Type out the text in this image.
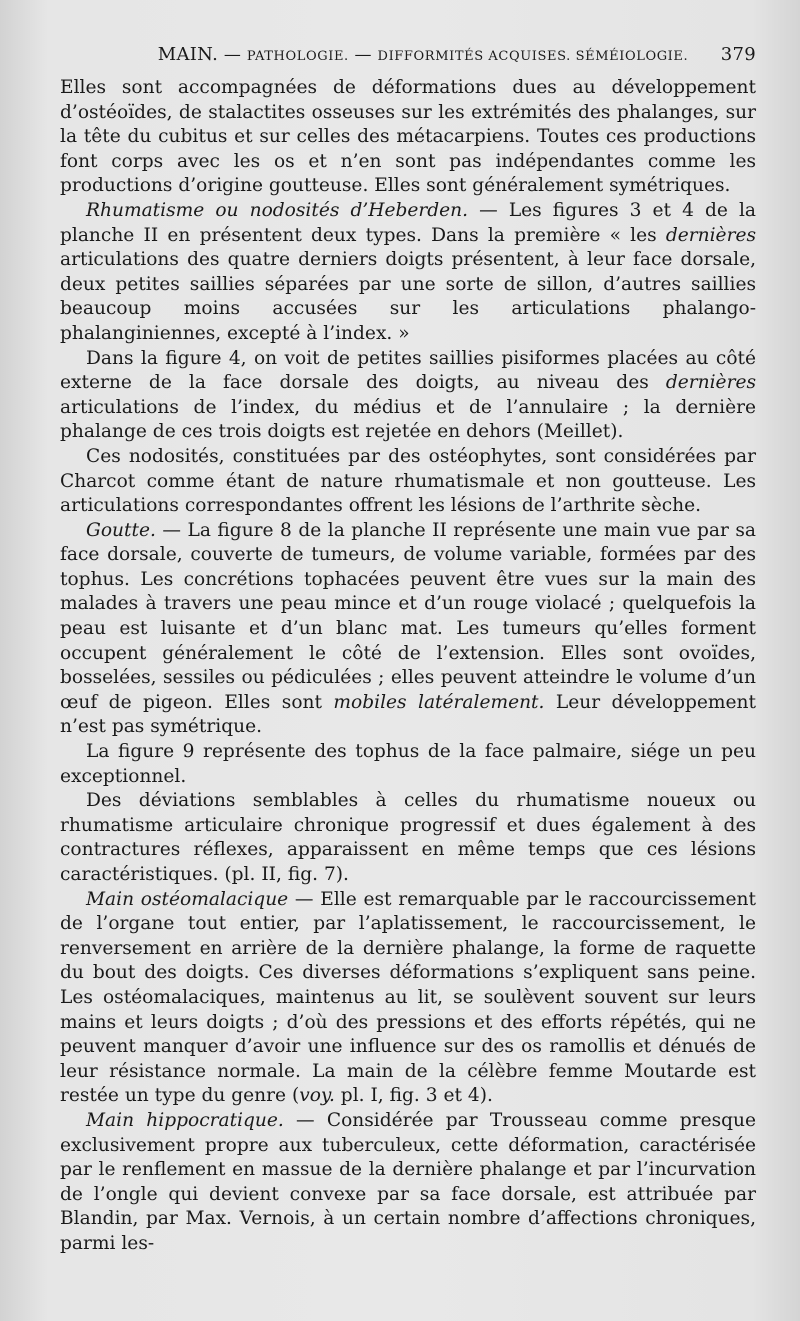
MAIN. — PATHOLOGIE. — DIFFORMITÉS ACQUISES. SÉMÉIOLOGIE.	379

Elles sont accompagnées de déformations dues au développement d’ostéoïdes, de stalactites osseuses sur les extrémités des phalanges, sur la tête du cubitus et sur celles des métacarpiens. Toutes ces productions font corps avec les os et n’en sont pas indépendantes comme les productions d’origine goutteuse. Elles sont généralement symétriques.

Rhumatisme ou nodosités d’Heberden. — Les figures 3 et 4 de la planche II en présentent deux types. Dans la première « les dernières articulations des quatre derniers doigts présentent, à leur face dorsale, deux petites saillies séparées par une sorte de sillon, d’autres saillies beaucoup moins accusées sur les articulations phalango-phalanginiennes, excepté à l’index. »

Dans la figure 4, on voit de petites saillies pisiformes placées au côté externe de la face dorsale des doigts, au niveau des dernières articulations de l’index, du médius et de l’annulaire ; la dernière phalange de ces trois doigts est rejetée en dehors (Meillet).

Ces nodosités, constituées par des ostéophytes, sont considérées par Charcot comme étant de nature rhumatismale et non goutteuse. Les articulations correspondantes offrent les lésions de l’arthrite sèche.

Goutte. — La figure 8 de la planche II représente une main vue par sa face dorsale, couverte de tumeurs, de volume variable, formées par des tophus. Les concrétions tophacées peuvent être vues sur la main des malades à travers une peau mince et d’un rouge violacé ; quelquefois la peau est luisante et d’un blanc mat. Les tumeurs qu’elles forment occupent généralement le côté de l’extension. Elles sont ovoïdes, bosselées, sessiles ou pédiculées ; elles peuvent atteindre le volume d’un œuf de pigeon. Elles sont mobiles latéralement. Leur développement n’est pas symétrique.

La figure 9 représente des tophus de la face palmaire, siége un peu exceptionnel.

Des déviations semblables à celles du rhumatisme noueux ou rhumatisme articulaire chronique progressif et dues également à des contractures réflexes, apparaissent en même temps que ces lésions caractéristiques. (pl. II, fig. 7).

Main ostéomalacique — Elle est remarquable par le raccourcissement de l’organe tout entier, par l’aplatissement, le raccourcissement, le renversement en arrière de la dernière phalange, la forme de raquette du bout des doigts. Ces diverses déformations s’expliquent sans peine. Les ostéomalaciques, maintenus au lit, se soulèvent souvent sur leurs mains et leurs doigts ; d’où des pressions et des efforts répétés, qui ne peuvent manquer d’avoir une influence sur des os ramollis et dénués de leur résistance normale. La main de la célèbre femme Moutarde est restée un type du genre (voy. pl. I, fig. 3 et 4).

Main hippocratique. — Considérée par Trousseau comme presque exclusivement propre aux tuberculeux, cette déformation, caractérisée par le renflement en massue de la dernière phalange et par l’incurvation de l’ongle qui devient convexe par sa face dorsale, est attribuée par Blandin, par Max. Vernois, à un certain nombre d’affections chroniques, parmi les-
